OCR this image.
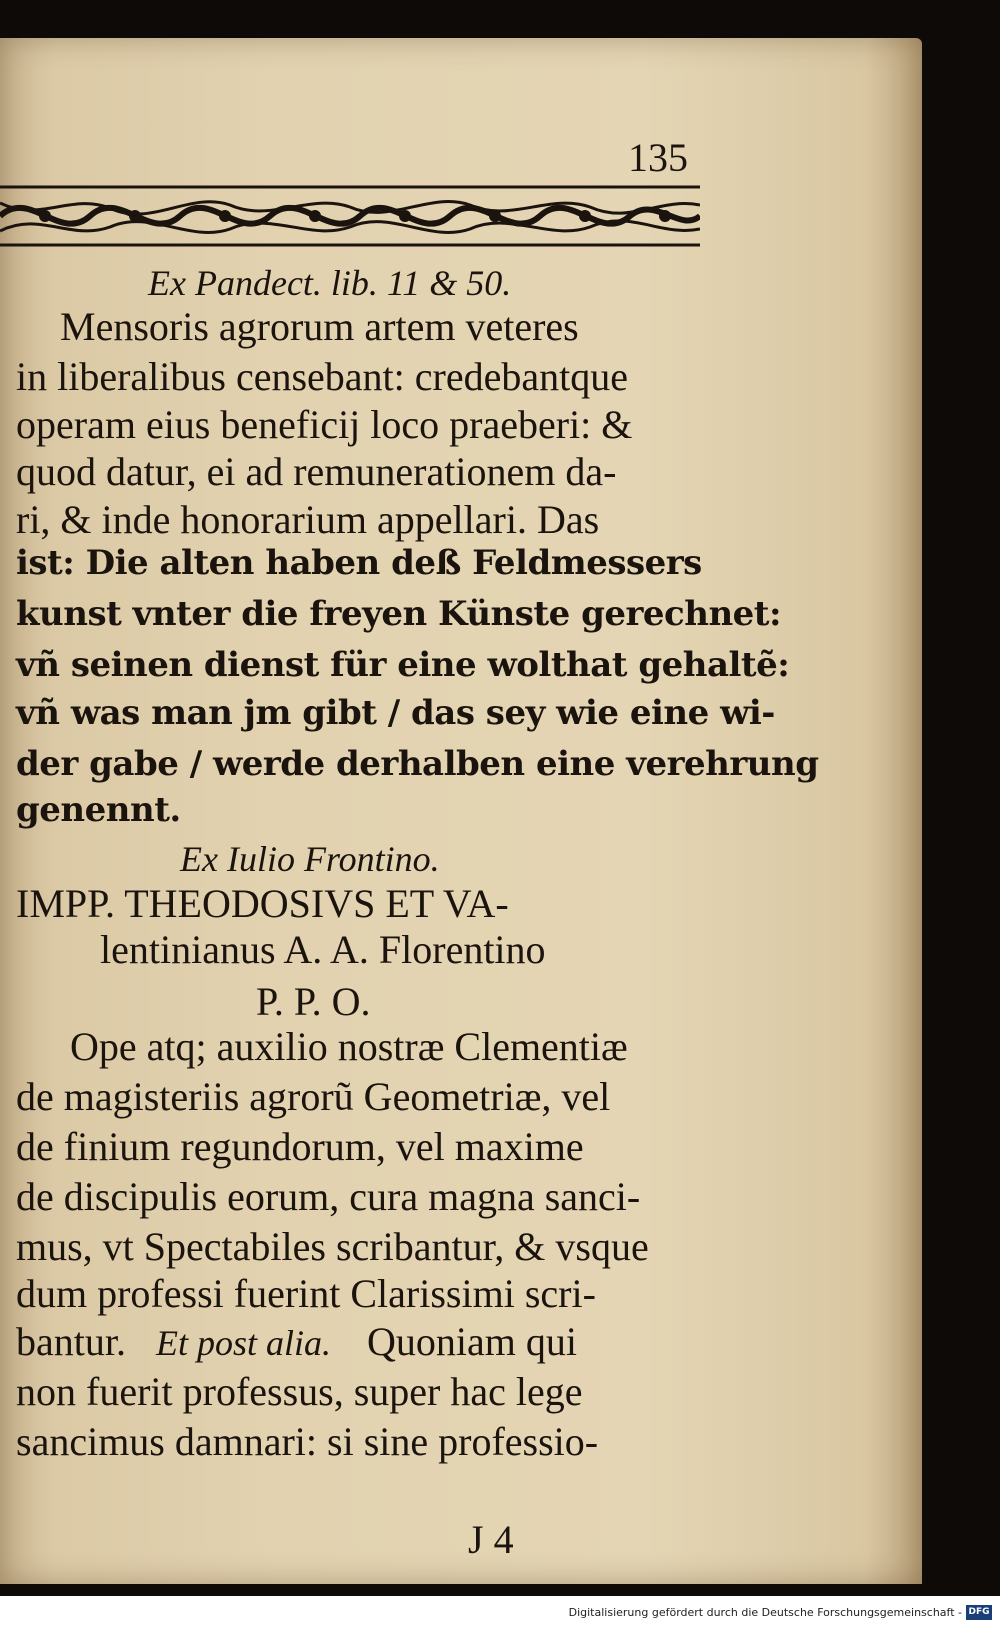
135
Ex Pandect. lib. 11 & 50.
Mensoris agrorum artem veteres
in liberalibus censebant: credebantque
operam eius beneficij loco praeberi: &
quod datur, ei ad remunerationem da-
ri, & inde honorarium appellari. Das
ist: Die alten haben deß Feldmessers
kunst vnter die freyen Künste gerechnet:
vñ seinen dienst für eine wolthat gehaltẽ:
vñ was man jm gibt / das sey wie eine wi-
der gabe / werde derhalben eine verehrung
genennt.
Ex Iulio Frontino.
IMPP. THEODOSIVS ET VA-
lentinianus A. A. Florentino
P. P. O.
Ope atq; auxilio nostræ Clementiæ
de magisteriis agrorũ Geometriæ, vel
de finium regundorum, vel maxime
de discipulis eorum, cura magna sanci-
mus, vt Spectabiles scribantur, & vsque
dum professi fuerint Clarissimi scri-
bantur. Et post alia. Quoniam qui
non fuerit professus, super hac lege
sancimus damnari: si sine professio-
J 4
Digitalisierung gefördert durch die Deutsche Forschungsgemeinschaft - DFG
